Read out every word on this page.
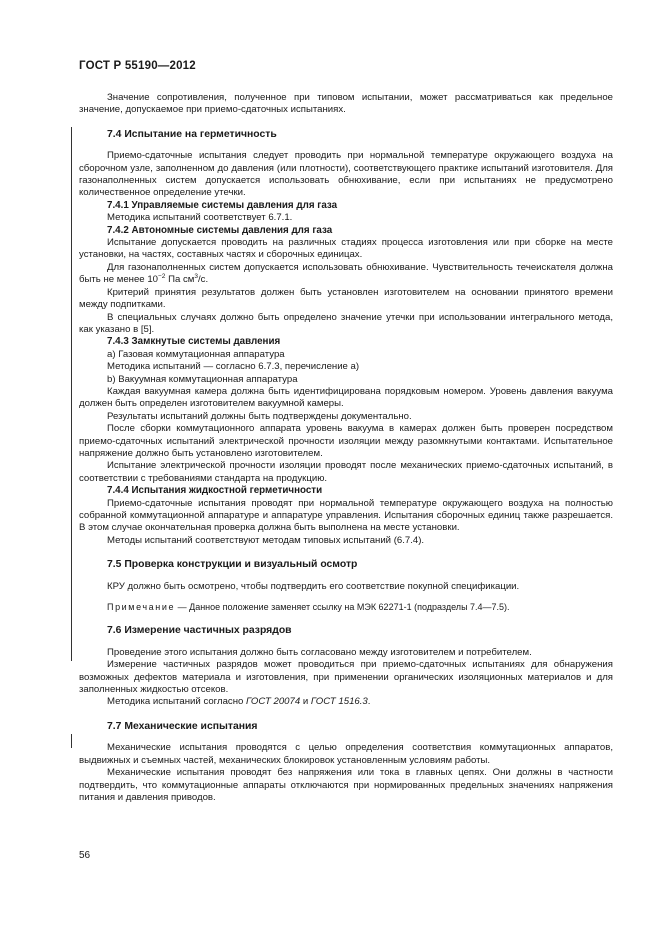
ГОСТ Р 55190—2012

Значение сопротивления, полученное при типовом испытании, может рассматриваться как предельное значение, допускаемое при приемо-сдаточных испытаниях.

7.4 Испытание на герметичность

Приемо-сдаточные испытания следует проводить при нормальной температуре окружающего воздуха на сборочном узле, заполненном до давления (или плотности), соответствующего практике испытаний изготовителя. Для газонаполненных систем допускается использовать обнюхивание, если при испытаниях не предусмотрено количественное определение утечки.

7.4.1 Управляемые системы давления для газа

Методика испытаний соответствует 6.7.1.

7.4.2 Автономные системы давления для газа

Испытание допускается проводить на различных стадиях процесса изготовления или при сборке на месте установки, на частях, составных частях и сборочных единицах.

Для газонаполненных систем допускается использовать обнюхивание. Чувствительность течеискателя должна быть не менее $10^{-2}$ Па $см^3/с$.

Критерий принятия результатов должен быть установлен изготовителем на основании принятого времени между подпитками.

В специальных случаях должно быть определено значение утечки при использовании интегрального метода, как указано в [5].

7.4.3 Замкнутые системы давления

а) Газовая коммутационная аппаратура

Методика испытаний — согласно 6.7.3, перечисление а)

b) Вакуумная коммутационная аппаратура

Каждая вакуумная камера должна быть идентифицирована порядковым номером. Уровень давления вакуума должен быть определен изготовителем вакуумной камеры.

Результаты испытаний должны быть подтверждены документально.

После сборки коммутационного аппарата уровень вакуума в камерах должен быть проверен посредством приемо-сдаточных испытаний электрической прочности изоляции между разомкнутыми контактами. Испытательное напряжение должно быть установлено изготовителем.

Испытание электрической прочности изоляции проводят после механических приемо-сдаточных испытаний, в соответствии с требованиями стандарта на продукцию.

7.4.4 Испытания жидкостной герметичности

Приемо-сдаточные испытания проводят при нормальной температуре окружающего воздуха на полностью собранной коммутационной аппаратуре и аппаратуре управления. Испытания сборочных единиц также разрешается. В этом случае окончательная проверка должна быть выполнена на месте установки.

Методы испытаний соответствуют методам типовых испытаний (6.7.4).

7.5 Проверка конструкции и визуальный осмотр

КРУ должно быть осмотрено, чтобы подтвердить его соответствие покупной спецификации.

Примечание — Данное положение заменяет ссылку на МЭК 62271-1 (подразделы 7.4—7.5).

7.6 Измерение частичных разрядов

Проведение этого испытания должно быть согласовано между изготовителем и потребителем.

Измерение частичных разрядов может проводиться при приемо-сдаточных испытаниях для обнаружения возможных дефектов материала и изготовления, при применении органических изоляционных материалов и для заполненных жидкостью отсеков.

Методика испытаний согласно ГОСТ 20074 и ГОСТ 1516.3.

7.7 Механические испытания

Механические испытания проводятся с целью определения соответствия коммутационных аппаратов, выдвижных и съемных частей, механических блокировок установленным условиям работы.

Механические испытания проводят без напряжения или тока в главных цепях. Они должны в частности подтвердить, что коммутационные аппараты отключаются при нормированных предельных значениях напряжения питания и давления приводов.

56
